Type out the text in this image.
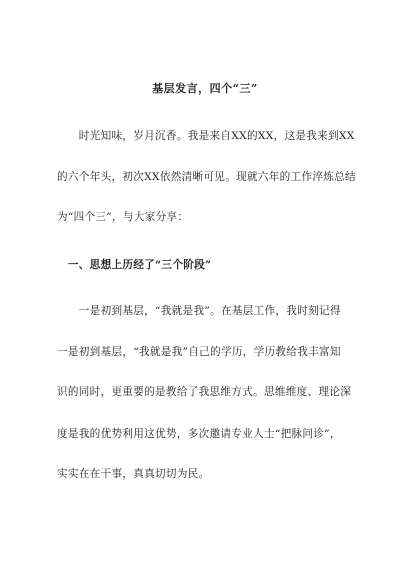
基层发言，四个“三”
　　时光知味，岁月沉香。我是来自XX的XX，这是我来到XX
的六个年头，初次XX依然清晰可见。现就六年的工作淬炼总结
为“四个三”，与大家分享：
　一、思想上历经了“三个阶段”
　　一是初到基层，“我就是我”。在基层工作，我时刻记得
一是初到基层，“我就是我”自己的学历，学历教给我丰富知
识的同时，更重要的是教给了我思维方式。思维维度、理论深
度是我的优势利用这优势，多次邀请专业人士“把脉问诊”，
实实在在干事，真真切切为民。
